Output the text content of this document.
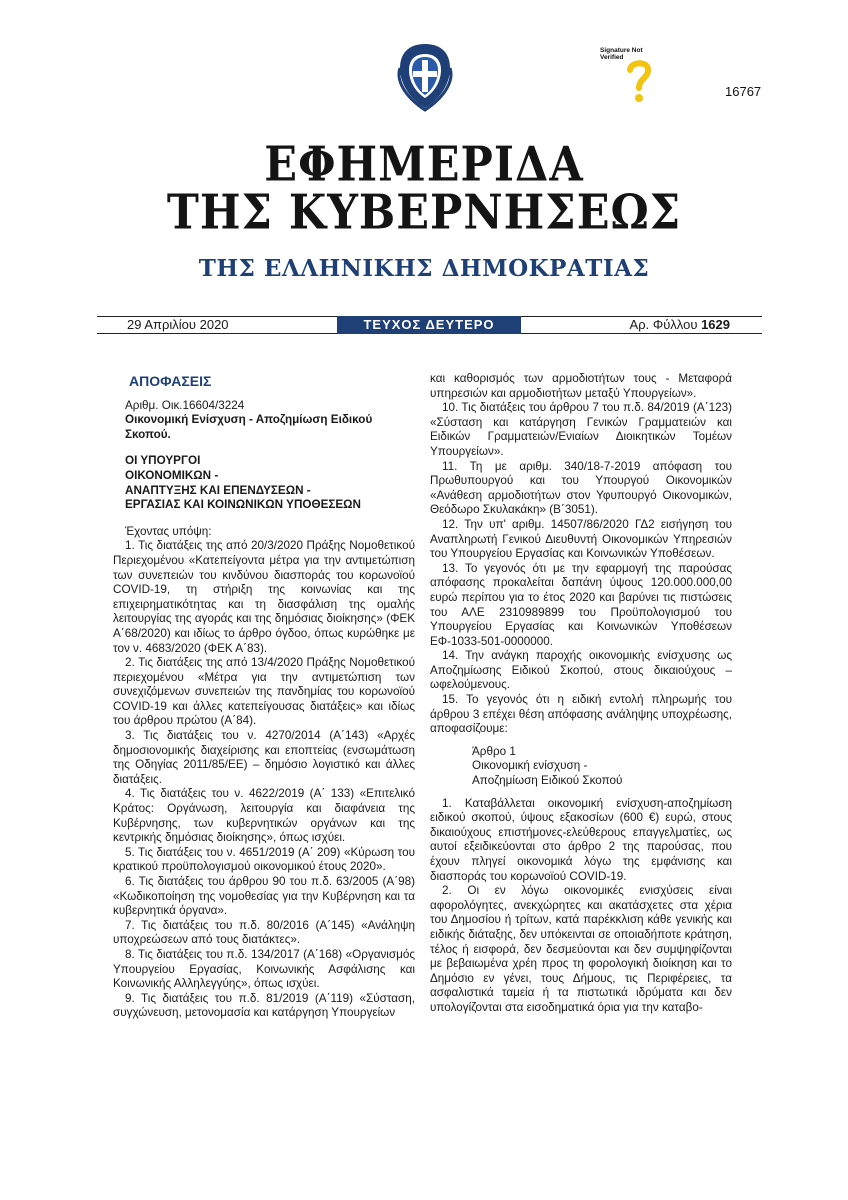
Signature Not Verified
16767
ΕΦΗΜΕΡΙΔΑ
ΤΗΣ ΚΥΒΕΡΝΗΣΕΩΣ
ΤΗΣ ΕΛΛΗΝΙΚΗΣ ΔΗΜΟΚΡΑΤΙΑΣ
29 Απριλίου 2020	ΤΕΥΧΟΣ ΔΕΥΤΕΡΟ	Αρ. Φύλλου 1629

ΑΠΟΦΑΣΕΙΣ

Αριθμ. Οικ.16604/3224

Οικονομική Ενίσχυση - Αποζημίωση Ειδικού Σκοπού.

ΟΙ ΥΠΟΥΡΓΟΙ
ΟΙΚΟΝΟΜΙΚΩΝ -
ΑΝΑΠΤΥΞΗΣ ΚΑΙ ΕΠΕΝΔΥΣΕΩΝ -
ΕΡΓΑΣΙΑΣ ΚΑΙ ΚΟΙΝΩΝΙΚΩΝ ΥΠΟΘΕΣΕΩΝ

Έχοντας υπόψη:

1. Τις διατάξεις της από 20/3/2020 Πράξης Νομοθετικού Περιεχομένου «Κατεπείγοντα μέτρα για την αντιμετώπιση των συνεπειών του κινδύνου διασποράς του κορωνοϊού COVID-19, τη στήριξη της κοινωνίας και της επιχειρηματικότητας και τη διασφάλιση της ομαλής λειτουργίας της αγοράς και της δημόσιας διοίκησης» (ΦΕΚ Α΄68/2020) και ιδίως το άρθρο όγδοο, όπως κυρώθηκε με τον ν. 4683/2020 (ΦΕΚ Α΄83).

2. Τις διατάξεις της από 13/4/2020 Πράξης Νομοθετικού περιεχομένου «Μέτρα για την αντιμετώπιση των συνεχιζόμενων συνεπειών της πανδημίας του κορωνοϊού COVID-19 και άλλες κατεπείγουσας διατάξεις» και ιδίως του άρθρου πρώτου (Α΄84).

3. Τις διατάξεις του ν. 4270/2014 (Α΄143) «Αρχές δημοσιονομικής διαχείρισης και εποπτείας (ενσωμάτωση της Οδηγίας 2011/85/ΕΕ) – δημόσιο λογιστικό και άλλες διατάξεις.

4. Τις διατάξεις του ν. 4622/2019 (Α΄ 133) «Επιτελικό Κράτος: Οργάνωση, λειτουργία και διαφάνεια της Κυβέρνησης, των κυβερνητικών οργάνων και της κεντρικής δημόσιας διοίκησης», όπως ισχύει.

5. Τις διατάξεις του ν. 4651/2019 (Α΄ 209) «Κύρωση του κρατικού προϋπολογισμού οικονομικού έτους 2020».

6. Τις διατάξεις του άρθρου 90 του π.δ. 63/2005 (Α΄98) «Κωδικοποίηση της νομοθεσίας για την Κυβέρνηση και τα κυβερνητικά όργανα».

7. Τις διατάξεις του π.δ. 80/2016 (Α΄145) «Ανάληψη υποχρεώσεων από τους διατάκτες».

8. Τις διατάξεις του π.δ. 134/2017 (Α΄168) «Οργανισμός Υπουργείου Εργασίας, Κοινωνικής Ασφάλισης και Κοινωνικής Αλληλεγγύης», όπως ισχύει.

9. Τις διατάξεις του π.δ. 81/2019 (Α΄119) «Σύσταση, συγχώνευση, μετονομασία και κατάργηση Υπουργείων

και καθορισμός των αρμοδιοτήτων τους - Μεταφορά υπηρεσιών και αρμοδιοτήτων μεταξύ Υπουργείων».

10. Τις διατάξεις του άρθρου 7 του π.δ. 84/2019 (Α΄123) «Σύσταση και κατάργηση Γενικών Γραμματειών και Ειδικών Γραμματειών/Ενιαίων Διοικητικών Τομέων Υπουργείων».

11. Τη με αριθμ. 340/18-7-2019 απόφαση του Πρωθυπουργού και του Υπουργού Οικονομικών «Ανάθεση αρμοδιοτήτων στον Υφυπουργό Οικονομικών, Θεόδωρο Σκυλακάκη» (Β΄3051).

12. Την υπ' αριθμ. 14507/86/2020 ΓΔ2 εισήγηση του Αναπληρωτή Γενικού Διευθυντή Οικονομικών Υπηρεσιών του Υπουργείου Εργασίας και Κοινωνικών Υποθέσεων.

13. Το γεγονός ότι με την εφαρμογή της παρούσας απόφασης προκαλείται δαπάνη ύψους 120.000.000,00 ευρώ περίπου για το έτος 2020 και βαρύνει τις πιστώσεις του ΑΛΕ 2310989899 του Προϋπολογισμού του Υπουργείου Εργασίας και Κοινωνικών Υποθέσεων ΕΦ-1033-501-0000000.

14. Την ανάγκη παροχής οικονομικής ενίσχυσης ως Αποζημίωσης Ειδικού Σκοπού, στους δικαιούχους – ωφελούμενους.

15. Το γεγονός ότι η ειδική εντολή πληρωμής του άρθρου 3 επέχει θέση απόφασης ανάληψης υποχρέωσης, αποφασίζουμε:

Άρθρο 1
Οικονομική ενίσχυση -
Αποζημίωση Ειδικού Σκοπού

1. Καταβάλλεται οικονομική ενίσχυση-αποζημίωση ειδικού σκοπού, ύψους εξακοσίων (600 €) ευρώ, στους δικαιούχους επιστήμονες-ελεύθερους επαγγελματίες, ως αυτοί εξειδικεύονται στο άρθρο 2 της παρούσας, που έχουν πληγεί οικονομικά λόγω της εμφάνισης και διασποράς του κορωνοϊού COVID-19.

2. Οι εν λόγω οικονομικές ενισχύσεις είναι αφορολόγητες, ανεκχώρητες και ακατάσχετες στα χέρια του Δημοσίου ή τρίτων, κατά παρέκκλιση κάθε γενικής και ειδικής διάταξης, δεν υπόκεινται σε οποιαδήποτε κράτηση, τέλος ή εισφορά, δεν δεσμεύονται και δεν συμψηφίζονται με βεβαιωμένα χρέη προς τη φορολογική διοίκηση και το Δημόσιο εν γένει, τους Δήμους, τις Περιφέρειες, τα ασφαλιστικά ταμεία ή τα πιστωτικά ιδρύματα και δεν υπολογίζονται στα εισοδηματικά όρια για την καταβο-
